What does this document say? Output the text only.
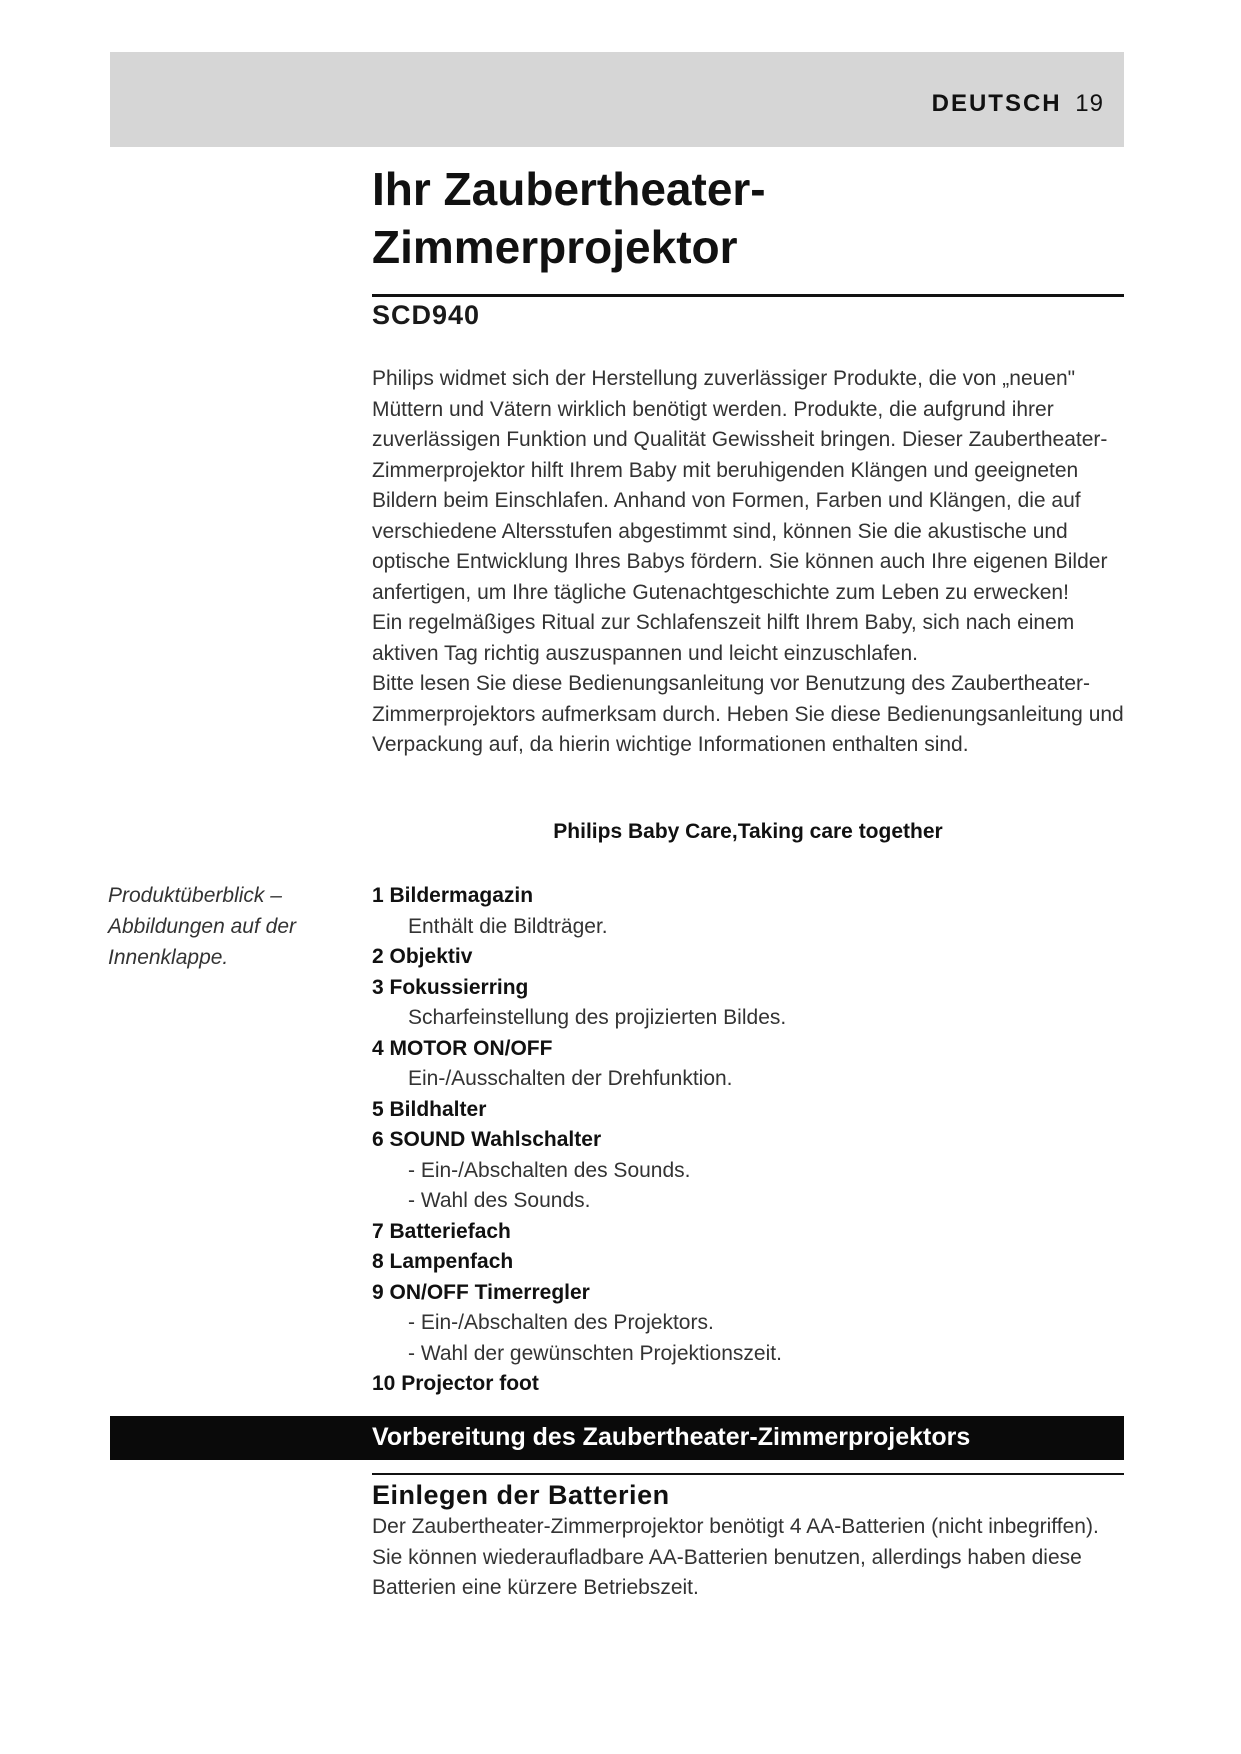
DEUTSCH 19
Ihr Zaubertheater-
Zimmerprojektor
SCD940

Philips widmet sich der Herstellung zuverlässiger Produkte, die von „neuen" Müttern und Vätern wirklich benötigt werden. Produkte, die aufgrund ihrer zuverlässigen Funktion und Qualität Gewissheit bringen. Dieser Zaubertheater-Zimmerprojektor hilft Ihrem Baby mit beruhigenden Klängen und geeigneten Bildern beim Einschlafen. Anhand von Formen, Farben und Klängen, die auf verschiedene Altersstufen abgestimmt sind, können Sie die akustische und optische Entwicklung Ihres Babys fördern. Sie können auch Ihre eigenen Bilder anfertigen, um Ihre tägliche Gutenachtgeschichte zum Leben zu erwecken!

Ein regelmäßiges Ritual zur Schlafenszeit hilft Ihrem Baby, sich nach einem aktiven Tag richtig auszuspannen und leicht einzuschlafen.

Bitte lesen Sie diese Bedienungsanleitung vor Benutzung des Zaubertheater-Zimmerprojektors aufmerksam durch. Heben Sie diese Bedienungsanleitung und Verpackung auf, da hierin wichtige Informationen enthalten sind.

Philips Baby Care,Taking care together
Produktüberblick – Abbildungen auf der Innenklappe.
1 Bildermagazin
Enthält die Bildträger.
2 Objektiv
3 Fokussierring
Scharfeinstellung des projizierten Bildes.
4 MOTOR ON/OFF
Ein-/Ausschalten der Drehfunktion.
5 Bildhalter
6 SOUND Wahlschalter
- Ein-/Abschalten des Sounds.
- Wahl des Sounds.
7 Batteriefach
8 Lampenfach
9 ON/OFF Timerregler
- Ein-/Abschalten des Projektors.
- Wahl der gewünschten Projektionszeit.
10 Projector foot
Vorbereitung des Zaubertheater-Zimmerprojektors
Einlegen der Batterien
Der Zaubertheater-Zimmerprojektor benötigt 4 AA-Batterien (nicht inbegriffen). Sie können wiederaufladbare AA-Batterien benutzen, allerdings haben diese Batterien eine kürzere Betriebszeit.
